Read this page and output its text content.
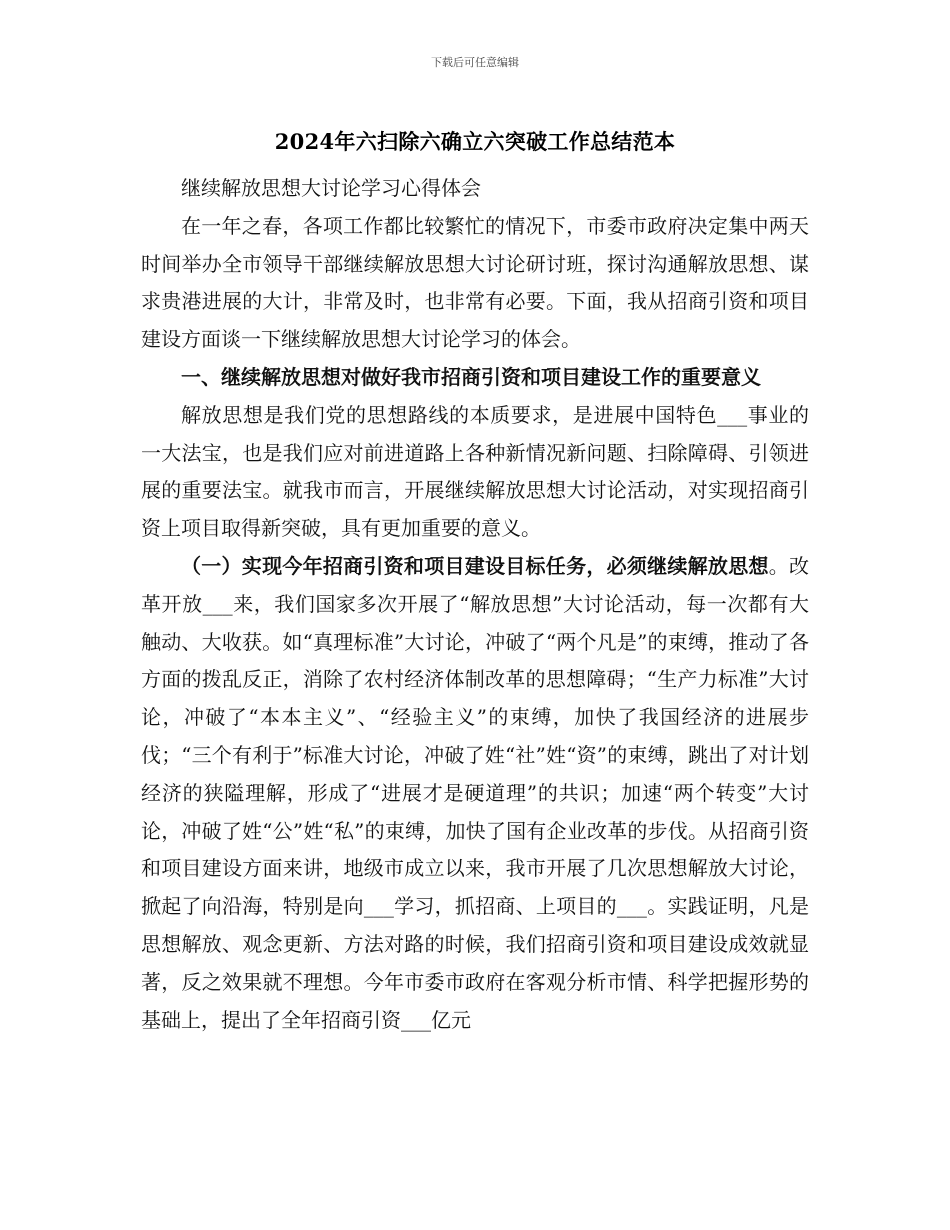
下载后可任意编辑
2024年六扫除六确立六突破工作总结范本

继续解放思想大讨论学习心得体会

在一年之春，各项工作都比较繁忙的情况下，市委市政府决定集中两天时间举办全市领导干部继续解放思想大讨论研讨班，探讨沟通解放思想、谋求贵港进展的大计，非常及时，也非常有必要。下面，我从招商引资和项目建设方面谈一下继续解放思想大讨论学习的体会。

一、继续解放思想对做好我市招商引资和项目建设工作的重要意义

解放思想是我们党的思想路线的本质要求，是进展中国特色___事业的一大法宝，也是我们应对前进道路上各种新情况新问题、扫除障碍、引领进展的重要法宝。就我市而言，开展继续解放思想大讨论活动，对实现招商引资上项目取得新突破，具有更加重要的意义。

（一）实现今年招商引资和项目建设目标任务，必须继续解放思想。改革开放___来，我们国家多次开展了“解放思想”大讨论活动，每一次都有大触动、大收获。如“真理标准”大讨论，冲破了“两个凡是”的束缚，推动了各方面的拨乱反正，消除了农村经济体制改革的思想障碍；“生产力标准”大讨论，冲破了“本本主义”、“经验主义”的束缚，加快了我国经济的进展步伐；“三个有利于”标准大讨论，冲破了姓“社”姓“资”的束缚，跳出了对计划经济的狭隘理解，形成了“进展才是硬道理”的共识；加速“两个转变”大讨论，冲破了姓“公”姓“私”的束缚，加快了国有企业改革的步伐。从招商引资和项目建设方面来讲，地级市成立以来，我市开展了几次思想解放大讨论，掀起了向沿海，特别是向___学习，抓招商、上项目的___。实践证明，凡是思想解放、观念更新、方法对路的时候，我们招商引资和项目建设成效就显著，反之效果就不理想。今年市委市政府在客观分析市情、科学把握形势的基础上，提出了全年招商引资___亿元
